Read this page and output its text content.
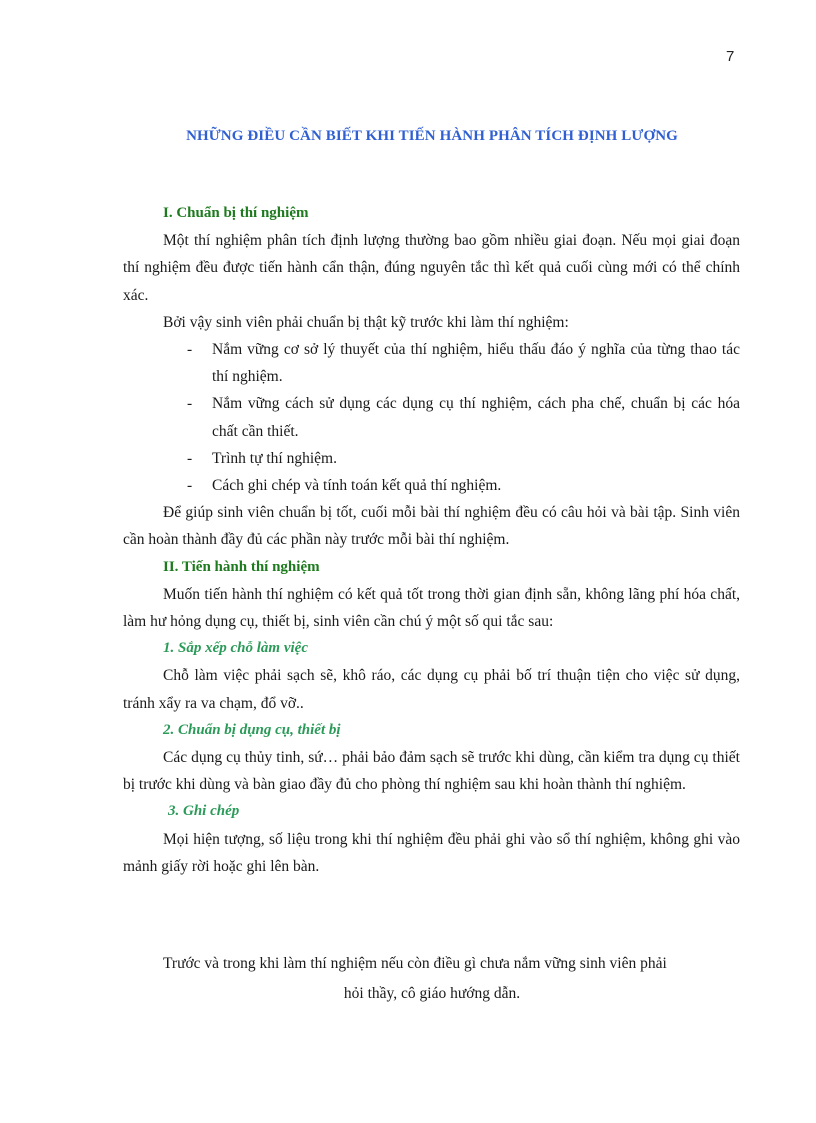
7
NHỮNG ĐIỀU CẦN BIẾT KHI TIẾN HÀNH PHÂN TÍCH ĐỊNH LƯỢNG

I. Chuẩn bị thí nghiệm

Một thí nghiệm phân tích định lượng thường bao gồm nhiều giai đoạn. Nếu mọi giai đoạn thí nghiệm đều được tiến hành cẩn thận, đúng nguyên tắc thì kết quả cuối cùng mới có thể chính xác.

Bởi vậy sinh viên phải chuẩn bị thật kỹ trước khi làm thí nghiệm:

- Nắm vững cơ sở lý thuyết của thí nghiệm, hiểu thấu đáo ý nghĩa của từng thao tác thí nghiệm.
- Nắm vững cách sử dụng các dụng cụ thí nghiệm, cách pha chế, chuẩn bị các hóa chất cần thiết.
- Trình tự thí nghiệm.
- Cách ghi chép và tính toán kết quả thí nghiệm.

Để giúp sinh viên chuẩn bị tốt, cuối mỗi bài thí nghiệm đều có câu hỏi và bài tập. Sinh viên cần hoàn thành đầy đủ các phần này trước mỗi bài thí nghiệm.

II. Tiến hành thí nghiệm

Muốn tiến hành thí nghiệm có kết quả tốt trong thời gian định sẵn, không lãng phí hóa chất, làm hư hỏng dụng cụ, thiết bị, sinh viên cần chú ý một số qui tắc sau:

1. Sắp xếp chỗ làm việc

Chỗ làm việc phải sạch sẽ, khô ráo, các dụng cụ phải bố trí thuận tiện cho việc sử dụng, tránh xẩy ra va chạm, đổ vỡ..

2. Chuẩn bị dụng cụ, thiết bị

Các dụng cụ thủy tinh, sứ… phải bảo đảm sạch sẽ trước khi dùng, cần kiểm tra dụng cụ thiết bị trước khi dùng và bàn giao đầy đủ cho phòng thí nghiệm sau khi hoàn thành thí nghiệm.

3. Ghi chép

Mọi hiện tượng, số liệu trong khi thí nghiệm đều phải ghi vào sổ thí nghiệm, không ghi vào mảnh giấy rời hoặc ghi lên bàn.

Trước và trong khi làm thí nghiệm nếu còn điều gì chưa nắm vững sinh viên phải
hỏi thầy, cô giáo hướng dẫn.
